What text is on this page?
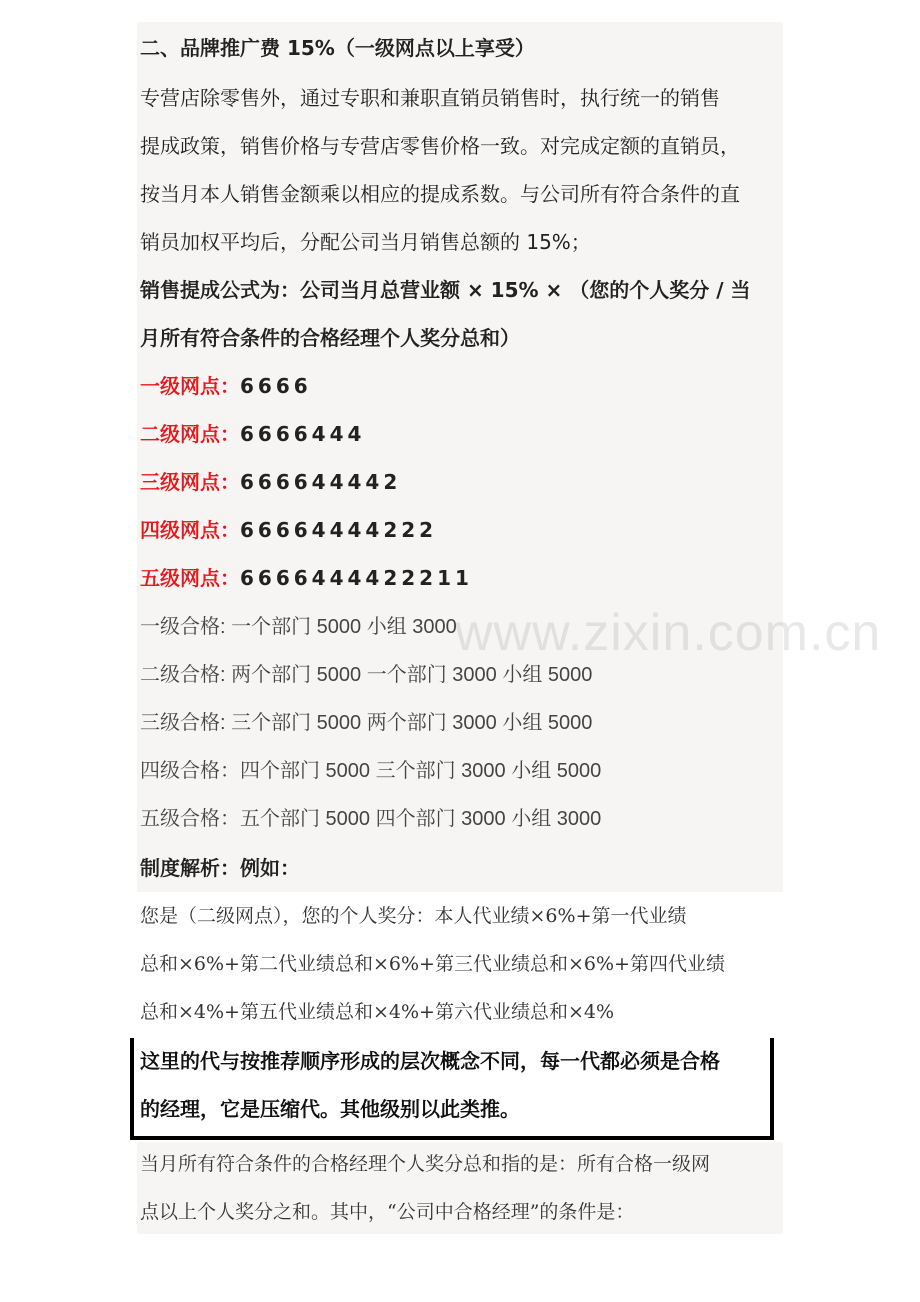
二、品牌推广费 15%（一级网点以上享受）
专营店除零售外，通过专职和兼职直销员销售时，执行统一的销售
提成政策，销售价格与专营店零售价格一致。对完成定额的直销员，
按当月本人销售金额乘以相应的提成系数。与公司所有符合条件的直
销员加权平均后，分配公司当月销售总额的 15%；
销售提成公式为：公司当月总营业额 × 15% × （您的个人奖分 / 当
月所有符合条件的合格经理个人奖分总和）
一级网点：6666
二级网点：6666444
三级网点：666644442
四级网点：66664444222
五级网点：6666444422211
www.zixin.com.cn
一级合格: 一个部门 5000 小组 3000
二级合格: 两个部门 5000 一个部门 3000 小组 5000
三级合格: 三个部门 5000 两个部门 3000 小组 5000
四级合格：四个部门 5000 三个部门 3000 小组 5000
五级合格：五个部门 5000 四个部门 3000 小组 3000
制度解析：例如：
您是（二级网点），您的个人奖分：本人代业绩×6%+第一代业绩
总和×6%+第二代业绩总和×6%+第三代业绩总和×6%+第四代业绩
总和×4%+第五代业绩总和×4%+第六代业绩总和×4%
这里的代与按推荐顺序形成的层次概念不同，每一代都必须是合格
的经理，它是压缩代。其他级别以此类推。
当月所有符合条件的合格经理个人奖分总和指的是：所有合格一级网
点以上个人奖分之和。其中，“公司中合格经理”的条件是：
